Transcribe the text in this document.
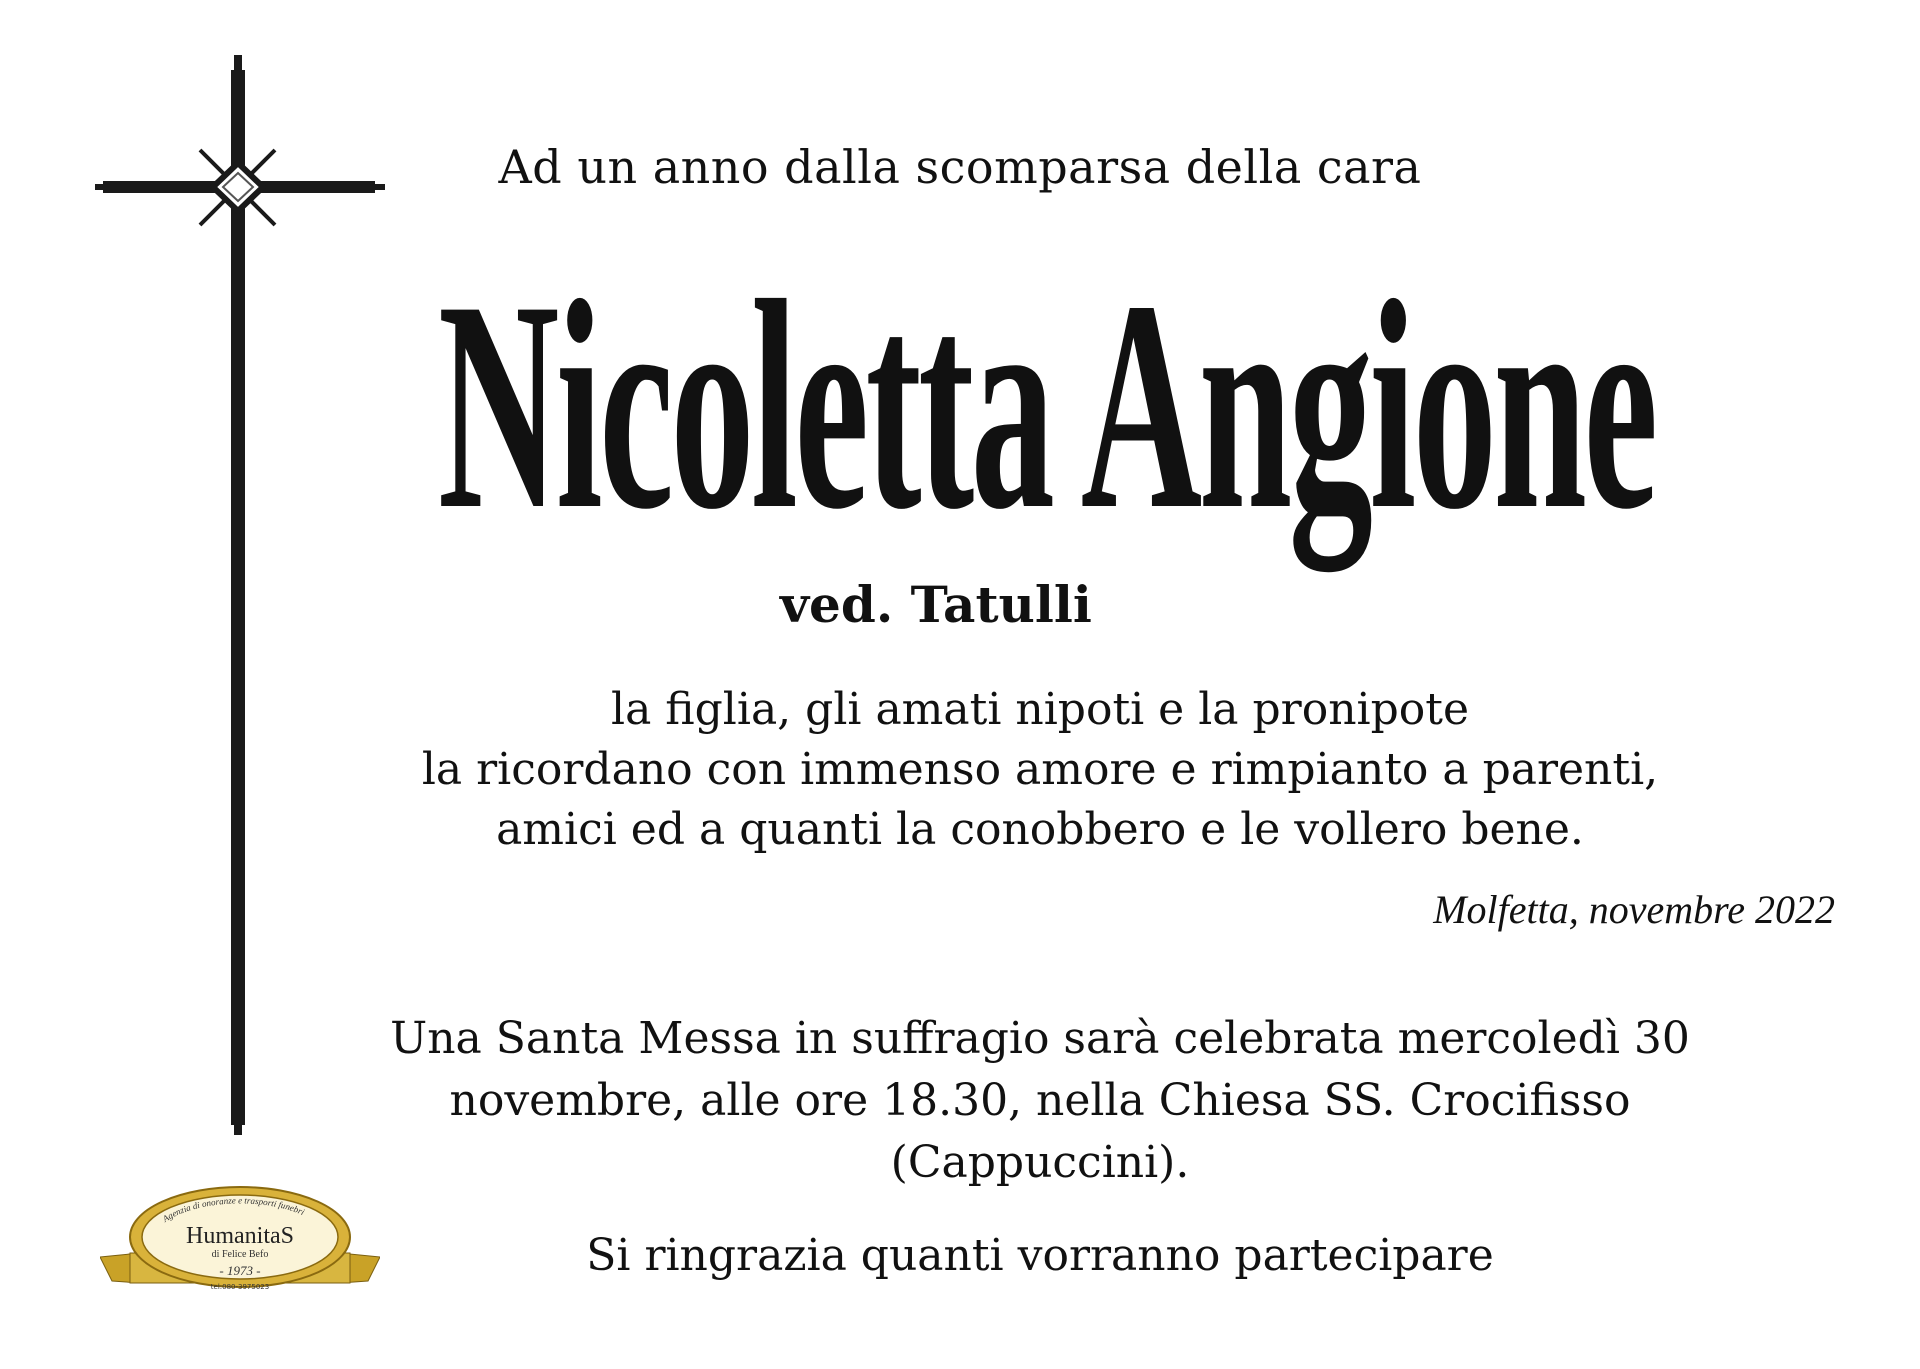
Ad un anno dalla scomparsa della cara
Nicoletta Angione
ved. Tatulli
la figlia, gli amati nipoti e la pronipote
la ricordano con immenso amore e rimpianto a parenti,
amici ed a quanti la conobbero e le vollero bene.
Molfetta, novembre 2022
Una Santa Messa in suffragio sarà celebrata mercoledì 30
novembre, alle ore 18.30, nella Chiesa SS. Crocifisso
(Cappuccini).
Si ringrazia quanti vorranno partecipare
Agenzia di onoranze e trasporti funebri
HumanitaS
di Felice Befo
- 1973 -
tel:080-3975023
